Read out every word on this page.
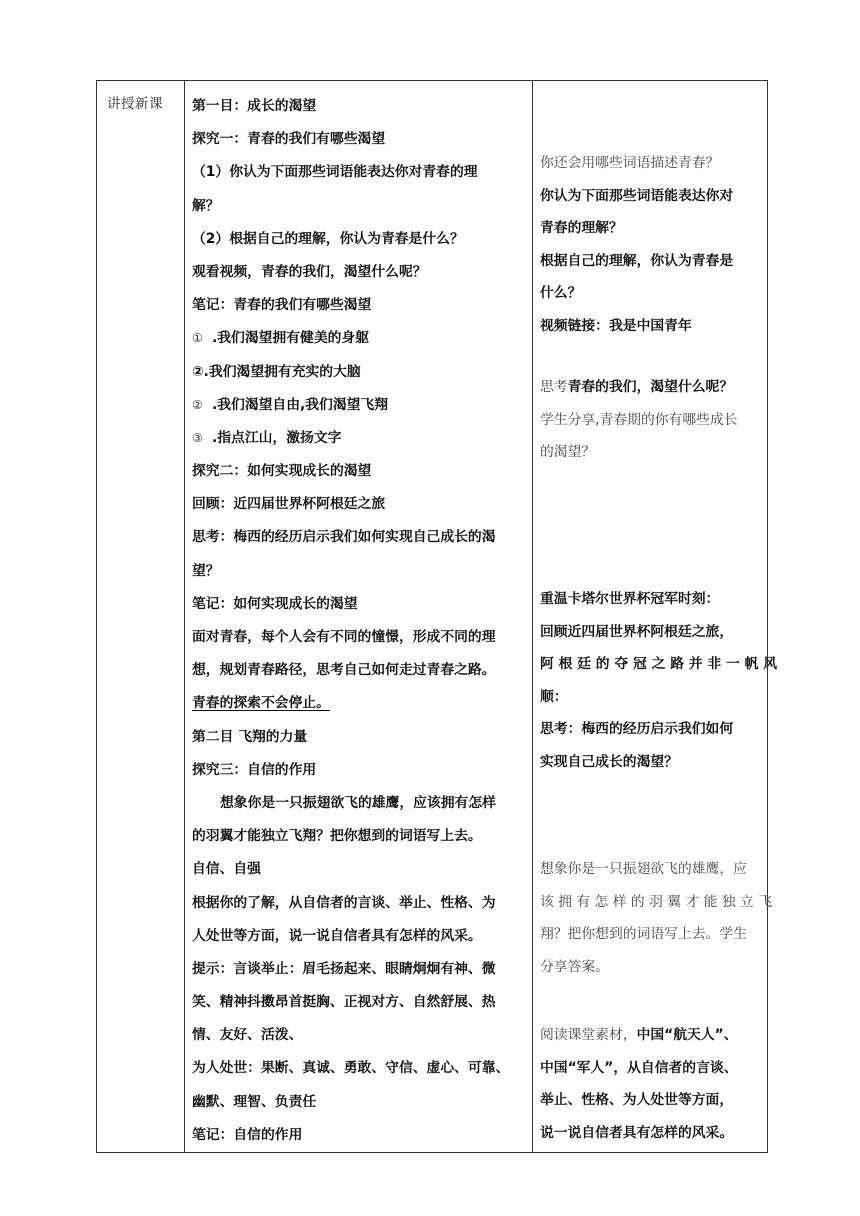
讲授新课 第一目：成长的渴望
探究一：青春的我们有哪些渴望
（1）你认为下面那些词语能表达你对青春的理
解？
（2）根据自己的理解，你认为青春是什么？
观看视频，青春的我们，渴望什么呢？
笔记：青春的我们有哪些渴望
① .我们渴望拥有健美的身躯
②.我们渴望拥有充实的大脑
② .我们渴望自由,我们渴望飞翔
③ .指点江山，激扬文字
探究二：如何实现成长的渴望
回顾：近四届世界杯阿根廷之旅
思考：梅西的经历启示我们如何实现自己成长的渴
望？
笔记：如何实现成长的渴望
面对青春，每个人会有不同的憧憬，形成不同的理
想，规划青春路径，思考自己如何走过青春之路。
青春的探索不会停止。
第二目 飞翔的力量
探究三：自信的作用
想象你是一只振翅欲飞的雄鹰，应该拥有怎样
的羽翼才能独立飞翔？把你想到的词语写上去。
自信、自强
根据你的了解，从自信者的言谈、举止、性格、为
人处世等方面，说一说自信者具有怎样的风采。
提示：言谈举止：眉毛扬起来、眼睛炯炯有神、微
笑、精神抖擞昂首挺胸、正视对方、自然舒展、热
情、友好、活泼、
为人处世：果断、真诚、勇敢、守信、虚心、可靠、
幽默、理智、负责任
笔记：自信的作用
你还会用哪些词语描述青春？
你认为下面那些词语能表达你对
青春的理解？
根据自己的理解，你认为青春是
什么？
视频链接：我是中国青年
思考青春的我们，渴望什么呢？
学生分享,青春期的你有哪些成长
的渴望？
重温卡塔尔世界杯冠军时刻：
回顾近四届世界杯阿根廷之旅，
阿 根 廷 的 夺 冠 之 路 并 非 一 帆 风
顺：
思考：梅西的经历启示我们如何
实现自己成长的渴望？
想象你是一只振翅欲飞的雄鹰，应
该 拥 有 怎 样 的 羽 翼 才 能 独 立 飞
翔？把你想到的词语写上去。学生
分享答案。
阅读课堂素材，中国“航天人”、
中国“军人”，从自信者的言谈、
举止、性格、为人处世等方面，
说一说自信者具有怎样的风采。
